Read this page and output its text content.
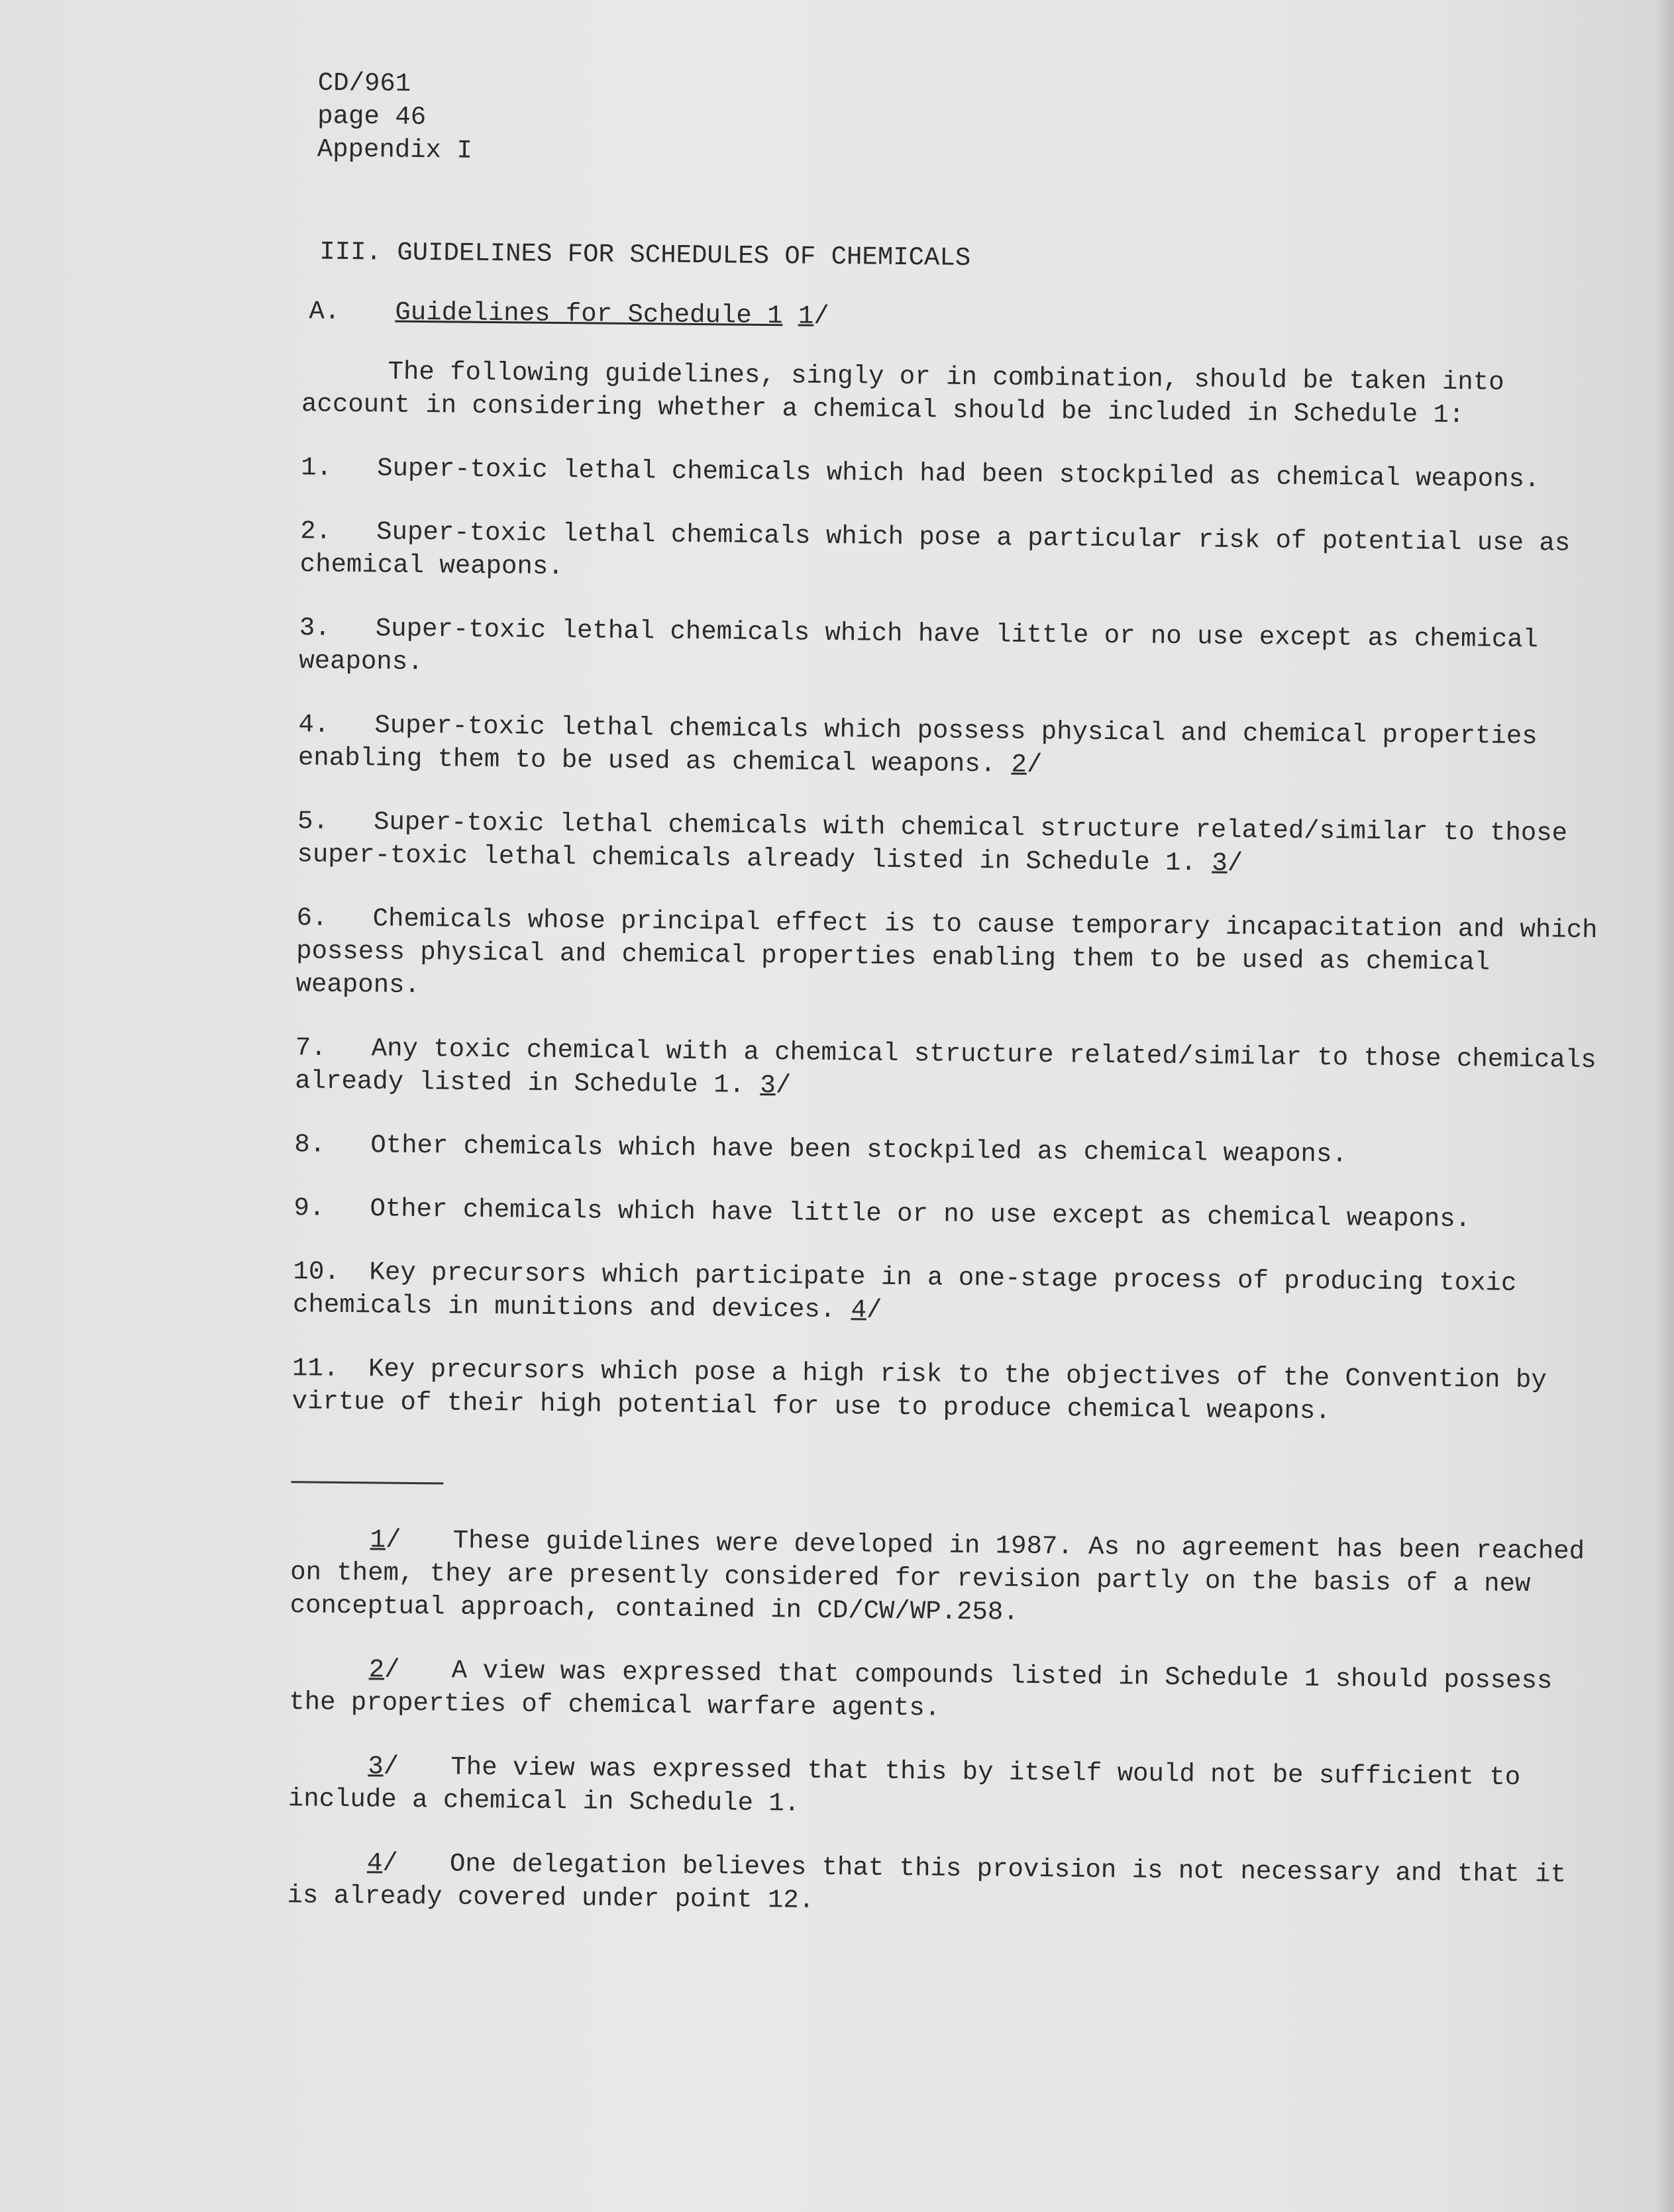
CD/961
page 46
Appendix I
III. GUIDELINES FOR SCHEDULES OF CHEMICALS
A. Guidelines for Schedule 1 1/

The following guidelines, singly or in combination, should be taken into account in considering whether a chemical should be included in Schedule 1:

1. Super-toxic lethal chemicals which had been stockpiled as chemical weapons.

2. Super-toxic lethal chemicals which pose a particular risk of potential use as chemical weapons.

3. Super-toxic lethal chemicals which have little or no use except as chemical weapons.

4. Super-toxic lethal chemicals which possess physical and chemical properties enabling them to be used as chemical weapons. 2/

5. Super-toxic lethal chemicals with chemical structure related/similar to those super-toxic lethal chemicals already listed in Schedule 1. 3/

6. Chemicals whose principal effect is to cause temporary incapacitation and which possess physical and chemical properties enabling them to be used as chemical weapons.

7. Any toxic chemical with a chemical structure related/similar to those chemicals already listed in Schedule 1. 3/

8. Other chemicals which have been stockpiled as chemical weapons.

9. Other chemicals which have little or no use except as chemical weapons.

10. Key precursors which participate in a one-stage process of producing toxic chemicals in munitions and devices. 4/

11. Key precursors which pose a high risk to the objectives of the Convention by virtue of their high potential for use to produce chemical weapons.

1/ These guidelines were developed in 1987. As no agreement has been reached on them, they are presently considered for revision partly on the basis of a new conceptual approach, contained in CD/CW/WP.258.

2/ A view was expressed that compounds listed in Schedule 1 should possess the properties of chemical warfare agents.

3/ The view was expressed that this by itself would not be sufficient to include a chemical in Schedule 1.

4/ One delegation believes that this provision is not necessary and that it is already covered under point 12.
